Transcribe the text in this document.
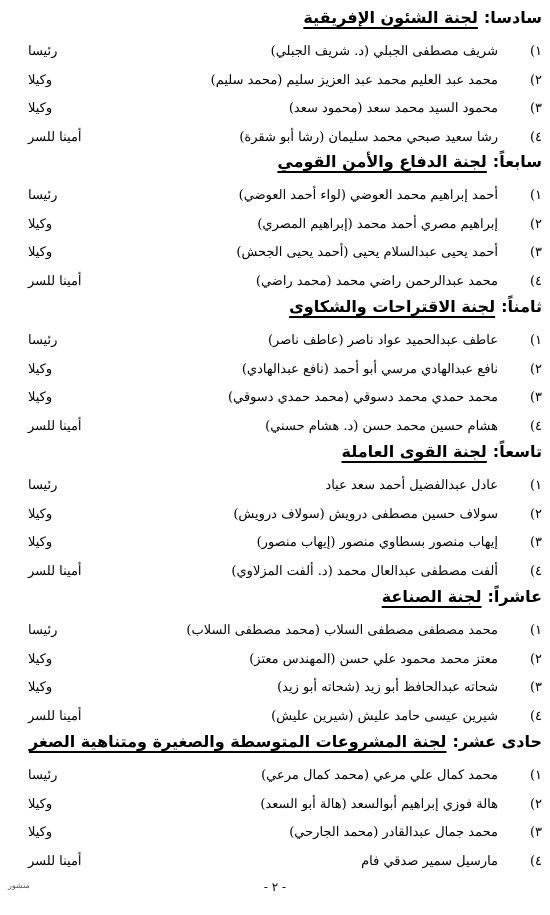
- ٢ -
منشور
سادسا:لجنة الشئون الإفريقية
١)
شريف مصطفى الجبلي (د. شريف الجبلي)
رئيسا
٢)
محمد عبد العليم محمد عبد العزيز سليم (محمد سليم)
وكيلا
٣)
محمود السيد محمد سعد (محمود سعد)
وكيلا
٤)
رشا سعيد صبحي محمد سليمان (رشا أبو شقرة)
أمينا للسر
سابعاً:لجنة الدفاع والأمن القومي
١)
أحمد إبراهيم محمد العوضي (لواء أحمد العوضي)
رئيسا
٢)
إبراهيم مصري أحمد محمد (إبراهيم المصري)
وكيلا
٣)
أحمد يحيى عبدالسلام يحيى (أحمد يحيى الجحش)
وكيلا
٤)
محمد عبدالرحمن راضي محمد (محمد راضي)
أمينا للسر
ثامناً:لجنة الاقتراحات والشكاوى
١)
عاطف عبدالحميد عواد ناصر (عاطف ناصر)
رئيسا
٢)
نافع عبدالهادي مرسي أبو أحمد (نافع عبدالهادي)
وكيلا
٣)
محمد حمدي محمد دسوقي (محمد حمدي دسوقي)
وكيلا
٤)
هشام حسين محمد حسن (د. هشام حسني)
أمينا للسر
تاسعاً:لجنة القوى العاملة
١)
عادل عبدالفضيل أحمد سعد عياد
رئيسا
٢)
سولاف حسين مصطفى درويش (سولاف درويش)
وكيلا
٣)
إيهاب منصور بسطاوي منصور (إيهاب منصور)
وكيلا
٤)
ألفت مصطفى عبدالعال محمد (د. ألفت المزلاوي)
أمينا للسر
عاشراً:لجنة الصناعة
١)
محمد مصطفى مصطفى السلاب (محمد مصطفى السلاب)
رئيسا
٢)
معتز محمد محمود علي حسن (المهندس معتز)
وكيلا
٣)
شحاته عبدالحافظ أبو زيد (شحاته أبو زيد)
وكيلا
٤)
شيرين عيسى حامد عليش (شيرين عليش)
أمينا للسر
حادى عشر:لجنة المشروعات المتوسطة والصغيرة ومتناهية الصغر
١)
محمد كمال علي مرعي (محمد كمال مرعي)
رئيسا
٢)
هالة فوزي إبراهيم أبوالسعد (هالة أبو السعد)
وكيلا
٣)
محمد جمال عبدالقادر (محمد الجارحي)
وكيلا
٤)
مارسيل سمير صدقي فام
أمينا للسر
